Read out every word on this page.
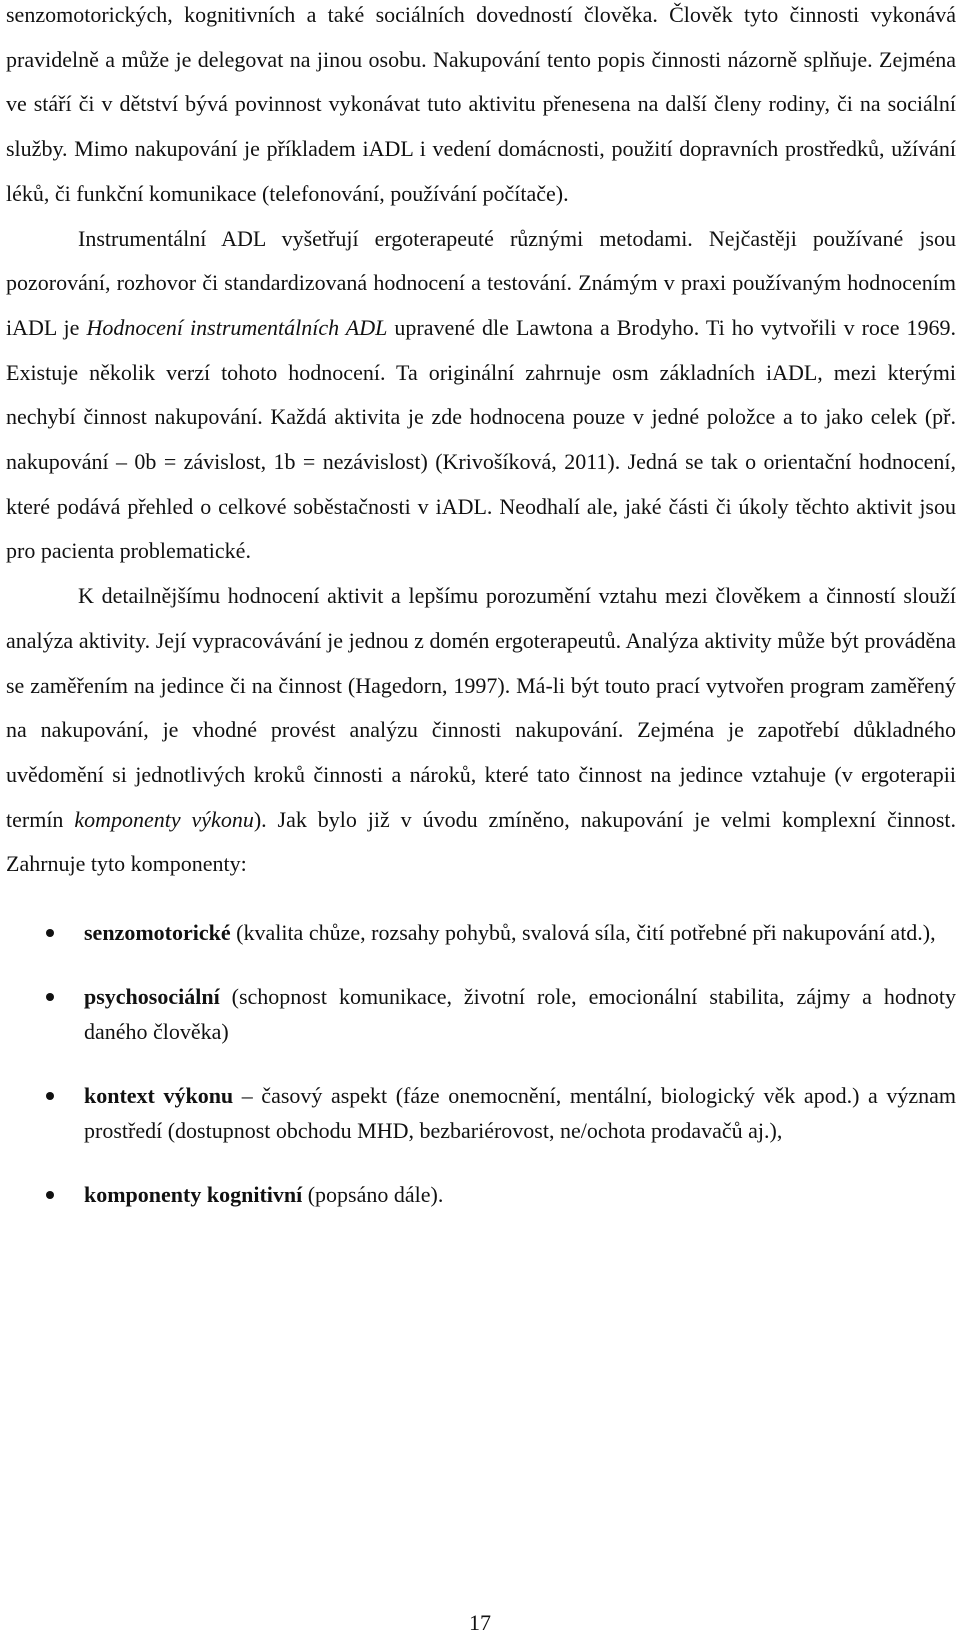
senzomotorických, kognitivních a také sociálních dovedností člověka. Člověk tyto činnosti vykonává pravidelně a může je delegovat na jinou osobu. Nakupování tento popis činnosti názorně splňuje. Zejména ve stáří či v dětství bývá povinnost vykonávat tuto aktivitu přenesena na další členy rodiny, či na sociální služby. Mimo nakupování je příkladem iADL i vedení domácnosti, použití dopravních prostředků, užívání léků, či funkční komunikace (telefonování, používání počítače).

Instrumentální ADL vyšetřují ergoterapeuté různými metodami. Nejčastěji používané jsou pozorování, rozhovor či standardizovaná hodnocení a testování. Známým v praxi používaným hodnocením iADL je Hodnocení instrumentálních ADL upravené dle Lawtona a Brodyho. Ti ho vytvořili v roce 1969. Existuje několik verzí tohoto hodnocení. Ta originální zahrnuje osm základních iADL, mezi kterými nechybí činnost nakupování. Každá aktivita je zde hodnocena pouze v jedné položce a to jako celek (př. nakupování – 0b = závislost, 1b = nezávislost) (Krivošíková, 2011). Jedná se tak o orientační hodnocení, které podává přehled o celkové soběstačnosti v iADL. Neodhalí ale, jaké části či úkoly těchto aktivit jsou pro pacienta problematické.

K detailnějšímu hodnocení aktivit a lepšímu porozumění vztahu mezi člověkem a činností slouží analýza aktivity. Její vypracovávání je jednou z domén ergoterapeutů. Analýza aktivity může být prováděna se zaměřením na jedince či na činnost (Hagedorn, 1997). Má-li být touto prací vytvořen program zaměřený na nakupování, je vhodné provést analýzu činnosti nakupování. Zejména je zapotřebí důkladného uvědomění si jednotlivých kroků činnosti a nároků, které tato činnost na jedince vztahuje (v ergoterapii termín komponenty výkonu). Jak bylo již v úvodu zmíněno, nakupování je velmi komplexní činnost. Zahrnuje tyto komponenty:

senzomotorické (kvalita chůze, rozsahy pohybů, svalová síla, čití potřebné při nakupování atd.),
psychosociální (schopnost komunikace, životní role, emocionální stabilita, zájmy a hodnoty daného člověka)
kontext výkonu – časový aspekt (fáze onemocnění, mentální, biologický věk apod.) a význam prostředí (dostupnost obchodu MHD, bezbariérovost, ne/ochota prodavačů aj.),
komponenty kognitivní (popsáno dále).
17
